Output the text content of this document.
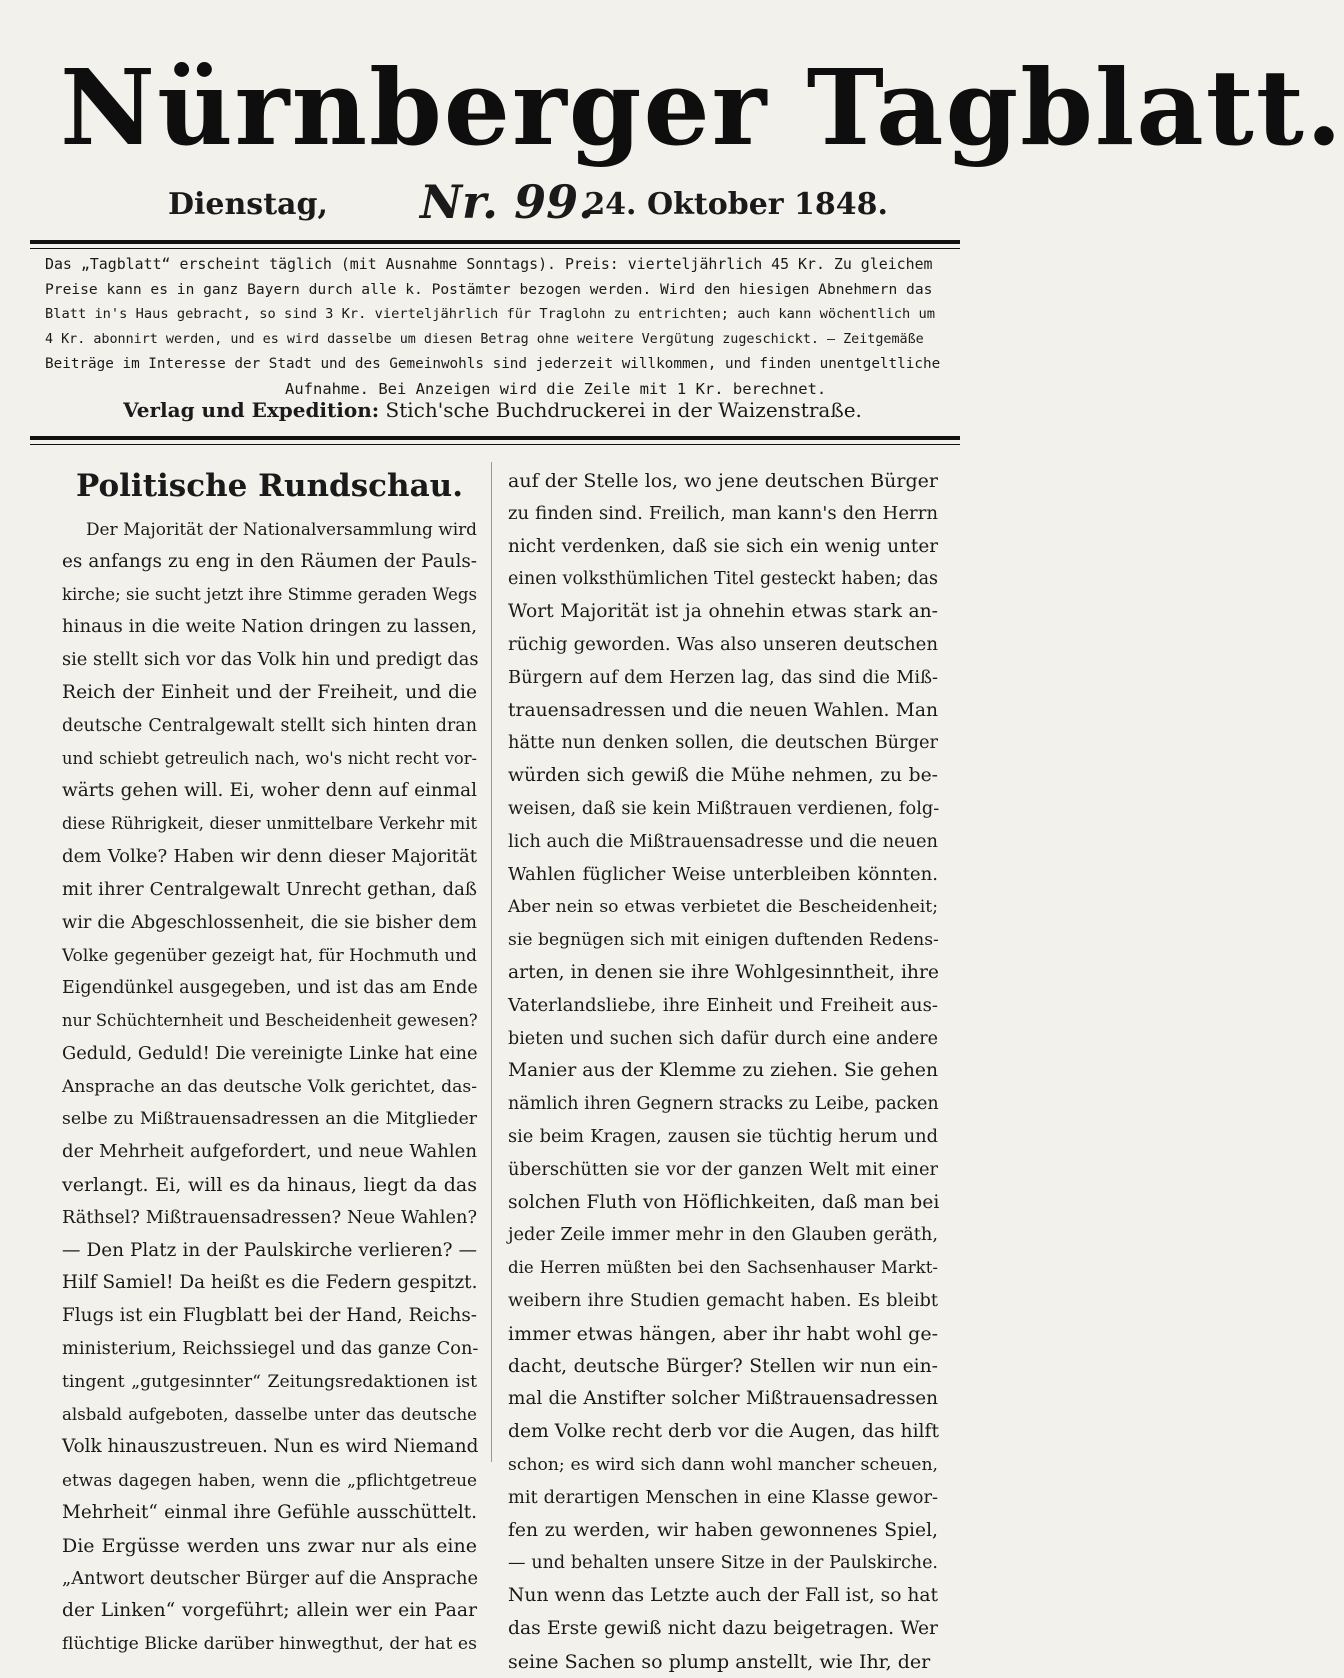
Nürnberger Tagblatt.
Dienstag, Nr. 99.
24. Oktober 1848.
Das „Tagblatt“ erscheint täglich (mit Ausnahme Sonntags). Preis: vierteljährlich 45 Kr. Zu gleichem
Preise kann es in ganz Bayern durch alle k. Postämter bezogen werden. Wird den hiesigen Abnehmern das
Blatt in's Haus gebracht, so sind 3 Kr. vierteljährlich für Traglohn zu entrichten; auch kann wöchentlich um
4 Kr. abonnirt werden, und es wird dasselbe um diesen Betrag ohne weitere Vergütung zugeschickt. — Zeitgemäße
Beiträge im Interesse der Stadt und des Gemeinwohls sind jederzeit willkommen, und finden unentgeltliche
Aufnahme. Bei Anzeigen wird die Zeile mit 1 Kr. berechnet.
Verlag und Expedition: Stich'sche Buchdruckerei in der Waizenstraße.
Politische Rundschau.
Der Majorität der Nationalversammlung wird
es anfangs zu eng in den Räumen der Pauls-
kirche; sie sucht jetzt ihre Stimme geraden Wegs
hinaus in die weite Nation dringen zu lassen,
sie stellt sich vor das Volk hin und predigt das
Reich der Einheit und der Freiheit, und die
deutsche Centralgewalt stellt sich hinten dran
und schiebt getreulich nach, wo's nicht recht vor-
wärts gehen will. Ei, woher denn auf einmal
diese Rührigkeit, dieser unmittelbare Verkehr mit
dem Volke? Haben wir denn dieser Majorität
mit ihrer Centralgewalt Unrecht gethan, daß
wir die Abgeschlossenheit, die sie bisher dem
Volke gegenüber gezeigt hat, für Hochmuth und
Eigendünkel ausgegeben, und ist das am Ende
nur Schüchternheit und Bescheidenheit gewesen?
Geduld, Geduld! Die vereinigte Linke hat eine
Ansprache an das deutsche Volk gerichtet, das-
selbe zu Mißtrauensadressen an die Mitglieder
der Mehrheit aufgefordert, und neue Wahlen
verlangt. Ei, will es da hinaus, liegt da das
Räthsel? Mißtrauensadressen? Neue Wahlen?
— Den Platz in der Paulskirche verlieren? —
Hilf Samiel! Da heißt es die Federn gespitzt.
Flugs ist ein Flugblatt bei der Hand, Reichs-
ministerium, Reichssiegel und das ganze Con-
tingent „gutgesinnter“ Zeitungsredaktionen ist
alsbald aufgeboten, dasselbe unter das deutsche
Volk hinauszustreuen. Nun es wird Niemand
etwas dagegen haben, wenn die „pflichtgetreue
Mehrheit“ einmal ihre Gefühle ausschüttelt.
Die Ergüsse werden uns zwar nur als eine
„Antwort deutscher Bürger auf die Ansprache
der Linken“ vorgeführt; allein wer ein Paar
flüchtige Blicke darüber hinwegthut, der hat es
auf der Stelle los, wo jene deutschen Bürger
zu finden sind. Freilich, man kann's den Herrn
nicht verdenken, daß sie sich ein wenig unter
einen volksthümlichen Titel gesteckt haben; das
Wort Majorität ist ja ohnehin etwas stark an-
rüchig geworden. Was also unseren deutschen
Bürgern auf dem Herzen lag, das sind die Miß-
trauensadressen und die neuen Wahlen. Man
hätte nun denken sollen, die deutschen Bürger
würden sich gewiß die Mühe nehmen, zu be-
weisen, daß sie kein Mißtrauen verdienen, folg-
lich auch die Mißtrauensadresse und die neuen
Wahlen füglicher Weise unterbleiben könnten.
Aber nein so etwas verbietet die Bescheidenheit;
sie begnügen sich mit einigen duftenden Redens-
arten, in denen sie ihre Wohlgesinntheit, ihre
Vaterlandsliebe, ihre Einheit und Freiheit aus-
bieten und suchen sich dafür durch eine andere
Manier aus der Klemme zu ziehen. Sie gehen
nämlich ihren Gegnern stracks zu Leibe, packen
sie beim Kragen, zausen sie tüchtig herum und
überschütten sie vor der ganzen Welt mit einer
solchen Fluth von Höflichkeiten, daß man bei
jeder Zeile immer mehr in den Glauben geräth,
die Herren müßten bei den Sachsenhauser Markt-
weibern ihre Studien gemacht haben. Es bleibt
immer etwas hängen, aber ihr habt wohl ge-
dacht, deutsche Bürger? Stellen wir nun ein-
mal die Anstifter solcher Mißtrauensadressen
dem Volke recht derb vor die Augen, das hilft
schon; es wird sich dann wohl mancher scheuen,
mit derartigen Menschen in eine Klasse gewor-
fen zu werden, wir haben gewonnenes Spiel,
— und behalten unsere Sitze in der Paulskirche.
Nun wenn das Letzte auch der Fall ist, so hat
das Erste gewiß nicht dazu beigetragen. Wer
seine Sachen so plump anstellt, wie Ihr, der
